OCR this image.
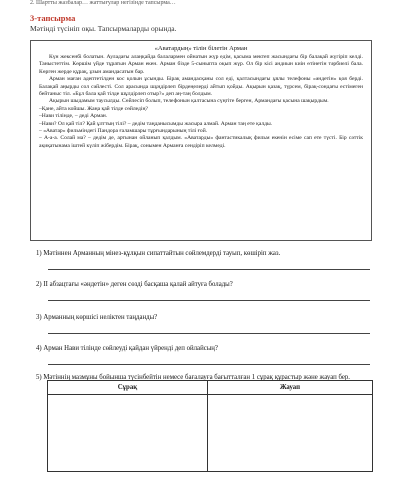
2. Шартты жазбалар… жаттығулар негізінде тапсырма…
3-тапсырма
Мәтінді түсініп оқы. Тапсырмаларды орында.
«Аватардың» тілін білетін Арман

Күн жексенбі болатын. Ауладағы алаңқайда балалармен ойнатын жүр едім, қасыма мектеп жасындағы бір балақай жүгіріп келді. Таныстеттім. Көршім үйде тұратын Арман екен. Арман бізде 5-сыныпта оқып жүр. Ол бір кісі андиын киін өтінетін тәрбиелі бала. Көрген жерде құрақ, ұзын амандасатын бар.

Арман маған адептетілден кос қолын ұсынды. Бірақ амандасқаны сол еді, қалтасындағы ұялы телефоны «әндетін» қоя берді. Балақай аңырды сол сәйлесті. Сол арасында шұңдірлеп бірдеңелерді айтып қойды. Ақырын қазақ, түрсем, бірақ-сондағы естімеген бейтаныс тіл. «Бұл бала қай тілде шұлдірлеп отыр?» деп аң-таң болдым.

Ақырын шыдамым таусылды. Сөйлесіп болып, телефонын қалтасына сүңгіте берген, Армандағы қасына шақырдым.

–Қане, айта койшы. Жаңа қай тілде сөйледің?

–Нави тілінде, – деді Арман.

–Нави? Ол қай тіл? Қай ұлттың тілі? – дедім таңданысымды жасыра алмай. Арман таң ете қалды.

– «Аватар» фильміндегі Пандора ғаламшары тұрғындарының тілі ғой.

– А-а-а. Солай ма? – дедім де, артынан ойланып қалдым. «Аватарды» фантастикалық фильм екенін есіме сап ете түсті. Бір сәттік ақиқатынама іштей күліп жібердім. Бірақ, сонымен Арманға сендіріп келмеді.

1) Мәтіннен Арманның мінез-құлқын сипаттайтын сөйлемдерді тауып, көшіріп жаз.
2) ІІ абзацтағы «әндетін» деген сөзді басқаша қалай айтуға болады?
3) Арманның көршісі неліктен таңданды?
4) Арман Нави тілінде сөйлеуді қайдан үйренді деп ойлайсың?
5) Мәтіннің мазмұны бойынша түсінбейтін немесе бағалауға бағытталған 1 сұрақ құрастыр және жауап бер.
Сұрақ	Жауап
